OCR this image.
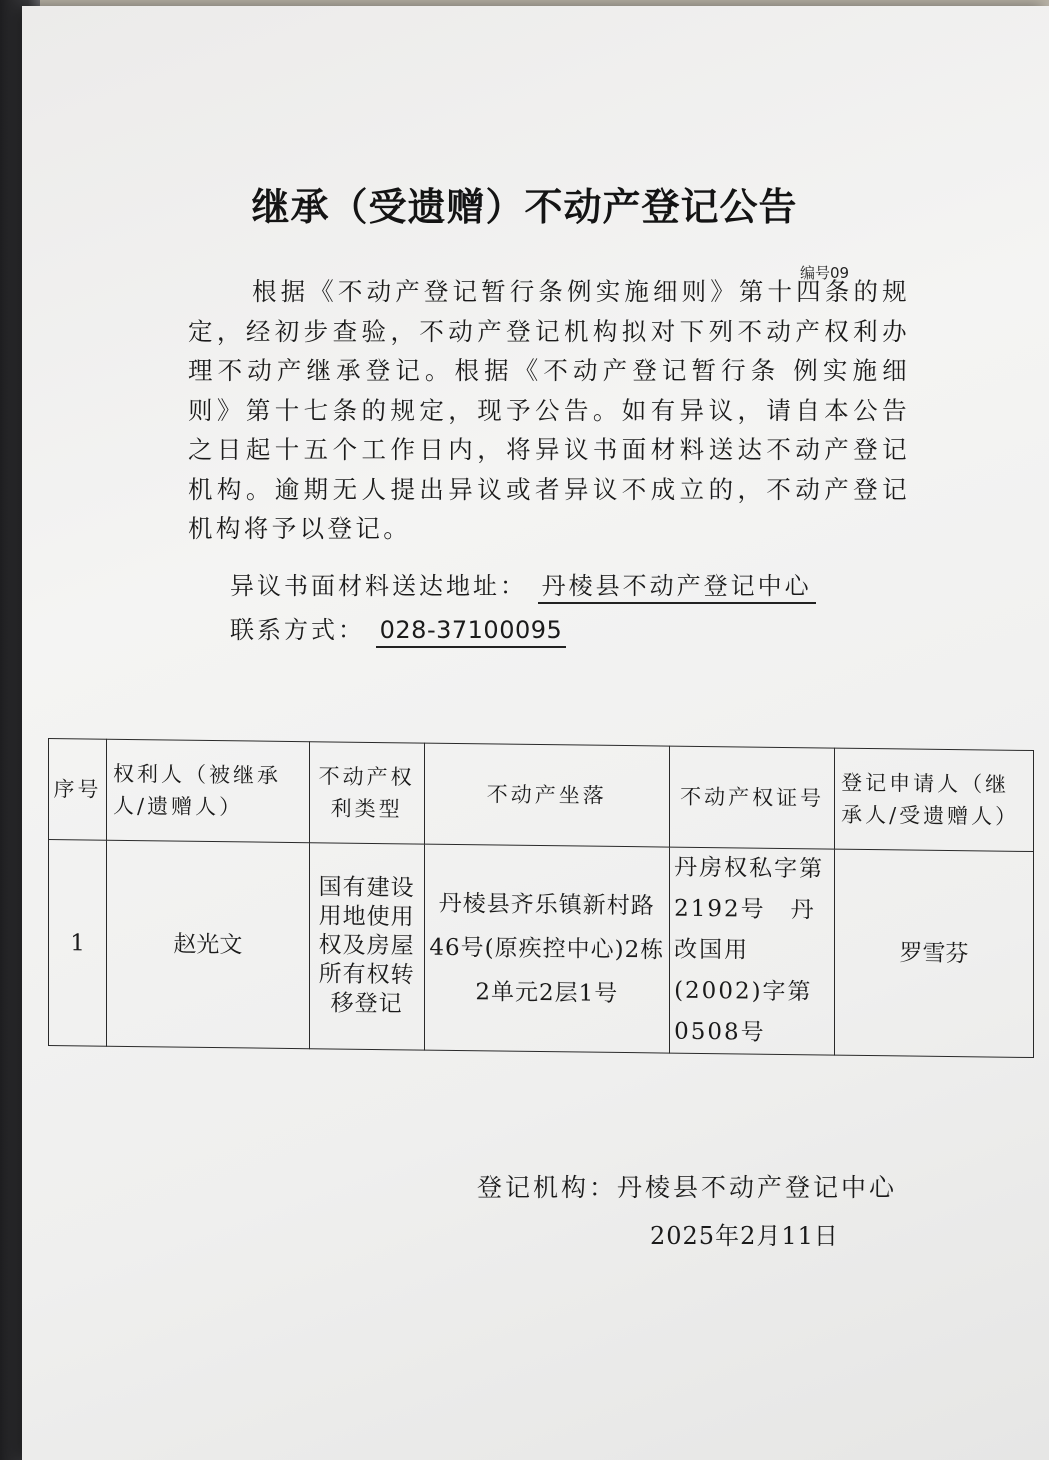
继承（受遗赠）不动产登记公告
编号09
根据《不动产登记暂行条例实施细则》第十四条的规定，经初步查验，不动产登记机构拟对下列不动产权利办理不动产继承登记。根据《不动产登记暂行条 例实施细则》第十七条的规定，现予公告。如有异议，请自本公告之日起十五个工作日内，将异议书面材料送达不动产登记机构。逾期无人提出异议或者异议不成立的，不动产登记机构将予以登记。
异议书面材料送达地址： 丹棱县不动产登记中心
联系方式： 028-37100095
序号	权利人（被继承人/遗赠人）	不动产权利类型	不动产坐落	不动产权证号	登记申请人（继承人/受遗赠人）
1	赵光文	国有建设用地使用权及房屋所有权转移登记	丹棱县齐乐镇新村路46号(原疾控中心)2栋2单元2层1号	丹房权私字第2192号　丹改国用(2002)字第0508号	罗雪芬
登记机构：丹棱县不动产登记中心
2025年2月11日
